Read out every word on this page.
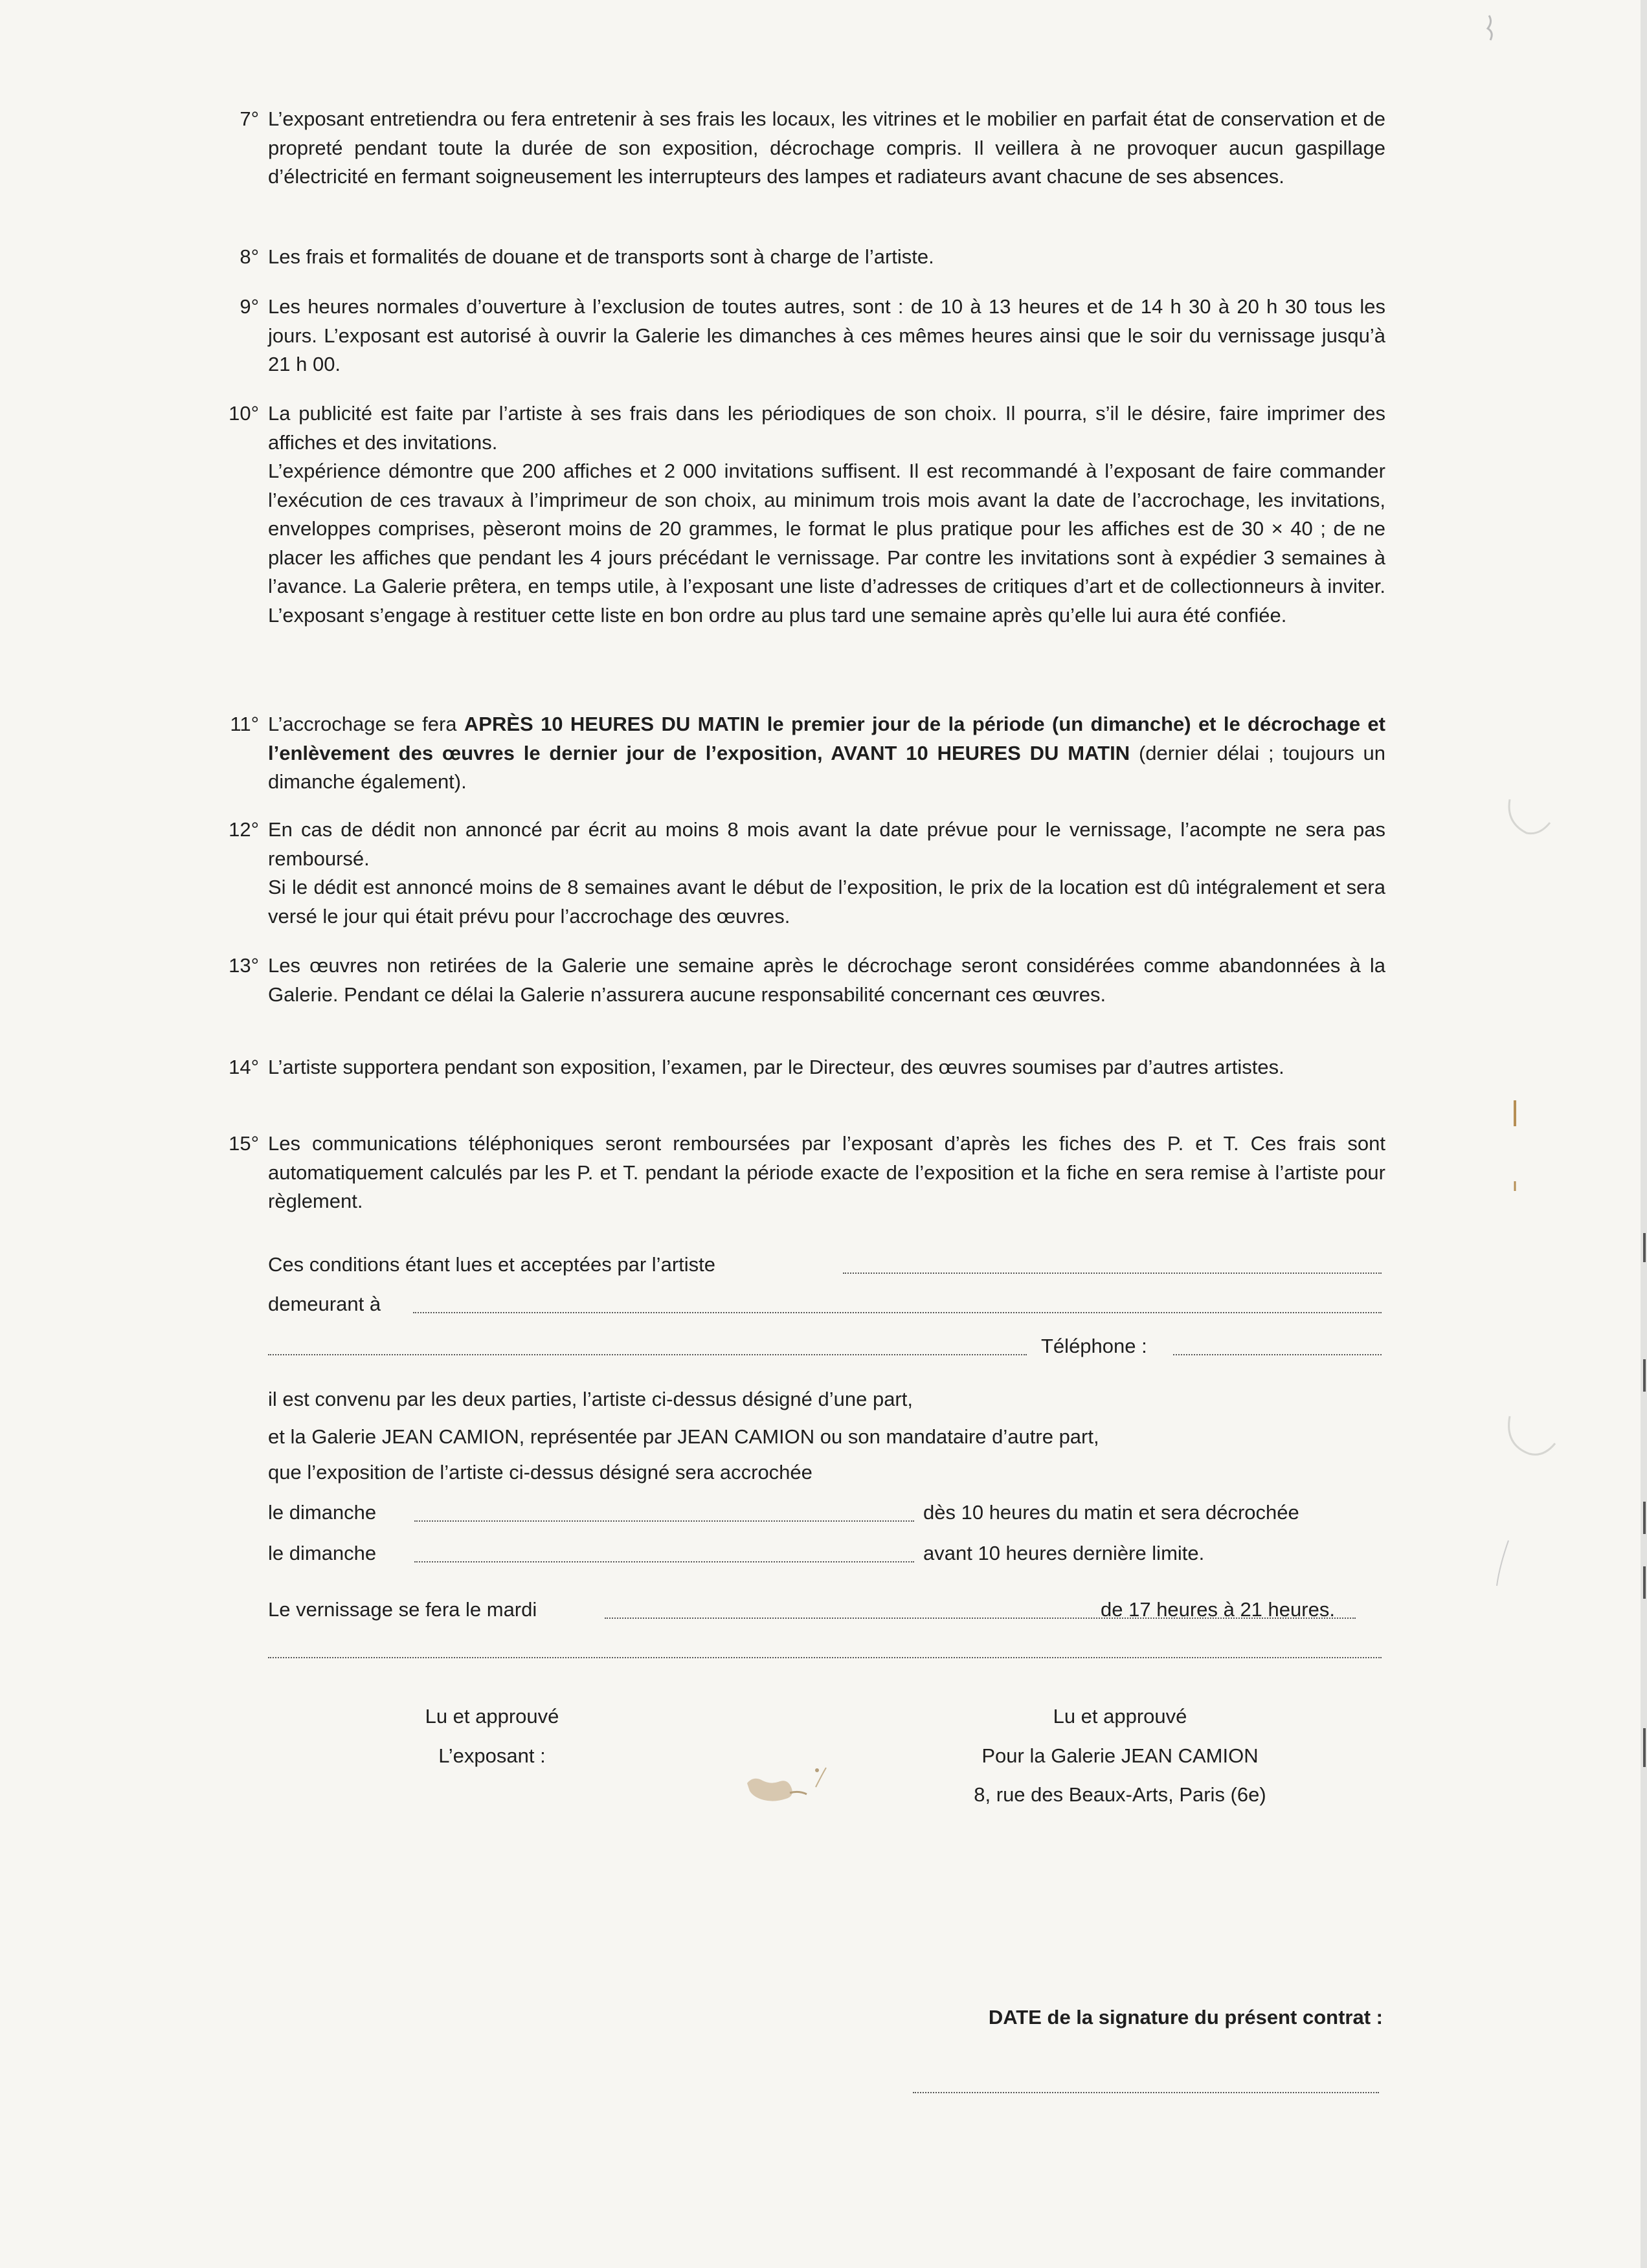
7° L’exposant entretiendra ou fera entretenir à ses frais les locaux, les vitrines et le mobilier en parfait état de conservation et de propreté pendant toute la durée de son exposition, décrochage compris. Il veillera à ne provoquer aucun gaspillage d’électricité en fermant soigneusement les interrupteurs des lampes et radiateurs avant chacune de ses absences.
8° Les frais et formalités de douane et de transports sont à charge de l’artiste.
9° Les heures normales d’ouverture à l’exclusion de toutes autres, sont : de 10 à 13 heures et de 14 h 30 à 20 h 30 tous les jours. L’exposant est autorisé à ouvrir la Galerie les dimanches à ces mêmes heures ainsi que le soir du vernissage jusqu’à 21 h 00.
10° La publicité est faite par l’artiste à ses frais dans les périodiques de son choix. Il pourra, s’il le désire, faire imprimer des affiches et des invitations.
L’expérience démontre que 200 affiches et 2 000 invitations suffisent. Il est recommandé à l’exposant de faire commander l’exécution de ces travaux à l’imprimeur de son choix, au minimum trois mois avant la date de l’accrochage, les invitations, enveloppes comprises, pèseront moins de 20 grammes, le format le plus pratique pour les affiches est de 30 × 40 ; de ne placer les affiches que pendant les 4 jours précédant le vernissage. Par contre les invitations sont à expédier 3 semaines à l’avance. La Galerie prêtera, en temps utile, à l’exposant une liste d’adresses de critiques d’art et de collectionneurs à inviter. L’exposant s’engage à restituer cette liste en bon ordre au plus tard une semaine après qu’elle lui aura été confiée.
11° L’accrochage se fera APRÈS 10 HEURES DU MATIN le premier jour de la période (un dimanche) et le décrochage et l’enlèvement des œuvres le dernier jour de l’exposition, AVANT 10 HEURES DU MATIN (dernier délai ; toujours un dimanche également).
12° En cas de dédit non annoncé par écrit au moins 8 mois avant la date prévue pour le vernissage, l’acompte ne sera pas remboursé.
Si le dédit est annoncé moins de 8 semaines avant le début de l’exposition, le prix de la location est dû intégralement et sera versé le jour qui était prévu pour l’accrochage des œuvres.
13° Les œuvres non retirées de la Galerie une semaine après le décrochage seront considérées comme abandonnées à la Galerie. Pendant ce délai la Galerie n’assurera aucune responsabilité concernant ces œuvres.
14° L’artiste supportera pendant son exposition, l’examen, par le Directeur, des œuvres soumises par d’autres artistes.
15° Les communications téléphoniques seront remboursées par l’exposant d’après les fiches des P. et T. Ces frais sont automatiquement calculés par les P. et T. pendant la période exacte de l’exposition et la fiche en sera remise à l’artiste pour règlement.
Ces conditions étant lues et acceptées par l’artiste
demeurant à
Téléphone :
il est convenu par les deux parties, l’artiste ci-dessus désigné d’une part,
et la Galerie JEAN CAMION, représentée par JEAN CAMION ou son mandataire d’autre part,
que l’exposition de l’artiste ci-dessus désigné sera accrochée
le dimanche	dès 10 heures du matin et sera décrochée
le dimanche	avant 10 heures dernière limite.
Le vernissage se fera le mardi	de 17 heures à 21 heures.
Lu et approuvé
L’exposant :
Lu et approuvé
Pour la Galerie JEAN CAMION
8, rue des Beaux-Arts, Paris (6e)
DATE de la signature du présent contrat :
